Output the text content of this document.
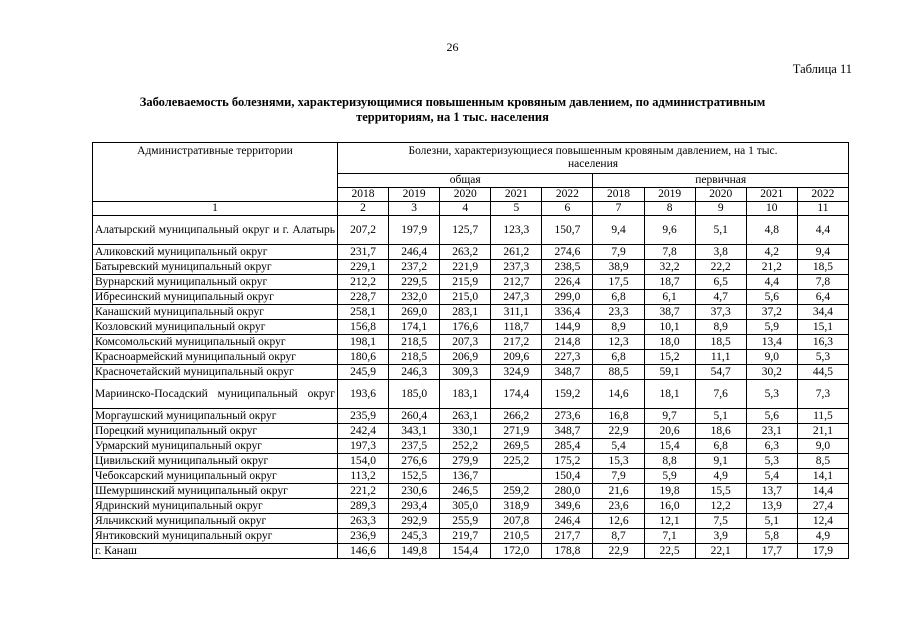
26
Таблица 11
Заболеваемость болезнями, характеризующимися повышенным кровяным давлением, по административным
территориям, на 1 тыс. населения
Административные территории	Болезни, характеризующиеся повышенным кровяным давлением, на 1 тыс. населения									
	общая					первичная				
	2018	2019	2020	2021	2022	2018	2019	2020	2021	2022
1	2	3	4	5	6	7	8	9	10	11
Алатырский муниципальный округ и г. Алатырь	207,2	197,9	125,7	123,3	150,7	9,4	9,6	5,1	4,8	4,4
Аликовский муниципальный округ	231,7	246,4	263,2	261,2	274,6	7,9	7,8	3,8	4,2	9,4
Батыревский муниципальный округ	229,1	237,2	221,9	237,3	238,5	38,9	32,2	22,2	21,2	18,5
Вурнарский муниципальный округ	212,2	229,5	215,9	212,7	226,4	17,5	18,7	6,5	4,4	7,8
Ибресинский муниципальный округ	228,7	232,0	215,0	247,3	299,0	6,8	6,1	4,7	5,6	6,4
Канашский муниципальный округ	258,1	269,0	283,1	311,1	336,4	23,3	38,7	37,3	37,2	34,4
Козловский муниципальный округ	156,8	174,1	176,6	118,7	144,9	8,9	10,1	8,9	5,9	15,1
Комсомольский муниципальный округ	198,1	218,5	207,3	217,2	214,8	12,3	18,0	18,5	13,4	16,3
Красноармейский муниципальный округ	180,6	218,5	206,9	209,6	227,3	6,8	15,2	11,1	9,0	5,3
Красночетайский муниципальный округ	245,9	246,3	309,3	324,9	348,7	88,5	59,1	54,7	30,2	44,5
Мариинско-Посадский муниципальный округ	193,6	185,0	183,1	174,4	159,2	14,6	18,1	7,6	5,3	7,3
Моргаушский муниципальный округ	235,9	260,4	263,1	266,2	273,6	16,8	9,7	5,1	5,6	11,5
Порецкий муниципальный округ	242,4	343,1	330,1	271,9	348,7	22,9	20,6	18,6	23,1	21,1
Урмарский муниципальный округ	197,3	237,5	252,2	269,5	285,4	5,4	15,4	6,8	6,3	9,0
Цивильский муниципальный округ	154,0	276,6	279,9	225,2	175,2	15,3	8,8	9,1	5,3	8,5
Чебоксарский муниципальный округ	113,2	152,5	136,7		150,4	7,9	5,9	4,9	5,4	14,1
Шемуршинский муниципальный округ	221,2	230,6	246,5	259,2	280,0	21,6	19,8	15,5	13,7	14,4
Ядринский муниципальный округ	289,3	293,4	305,0	318,9	349,6	23,6	16,0	12,2	13,9	27,4
Яльчикский муниципальный округ	263,3	292,9	255,9	207,8	246,4	12,6	12,1	7,5	5,1	12,4
Янтиковский муниципальный округ	236,9	245,3	219,7	210,5	217,7	8,7	7,1	3,9	5,8	4,9
г. Канаш	146,6	149,8	154,4	172,0	178,8	22,9	22,5	22,1	17,7	17,9
